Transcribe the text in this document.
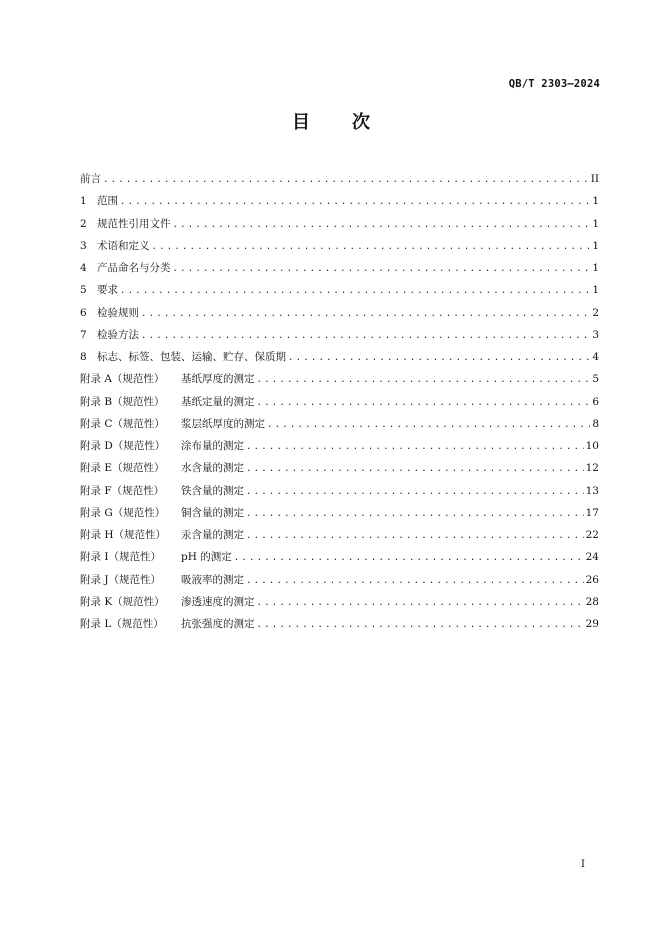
QB/T 2303—2024
目 次
前言 .....	II
1 范围 .....	1
2 规范性引用文件 .....	1
3 术语和定义 .....	1
4 产品命名与分类 .....	1
5 要求 .....	1
6 检验规则 .....	2
7 检验方法 .....	3
8 标志、标签、包装、运输、贮存、保质期 .....	4
附录 A（规范性）	基纸厚度的测定 .....	5
附录 B（规范性）	基纸定量的测定 .....	6
附录 C（规范性）	浆层纸厚度的测定 .....	8
附录 D（规范性）	涂布量的测定 .....	10
附录 E（规范性）	水含量的测定 .....	12
附录 F（规范性）	铁含量的测定 .....	13
附录 G（规范性）	铜含量的测定 .....	17
附录 H（规范性）	汞含量的测定 .....	22
附录 I（规范性）	pH 的测定 .....	24
附录 J（规范性）	吸液率的测定 .....	26
附录 K（规范性）	渗透速度的测定 .....	28
附录 L（规范性）	抗张强度的测定 .....	29
I
